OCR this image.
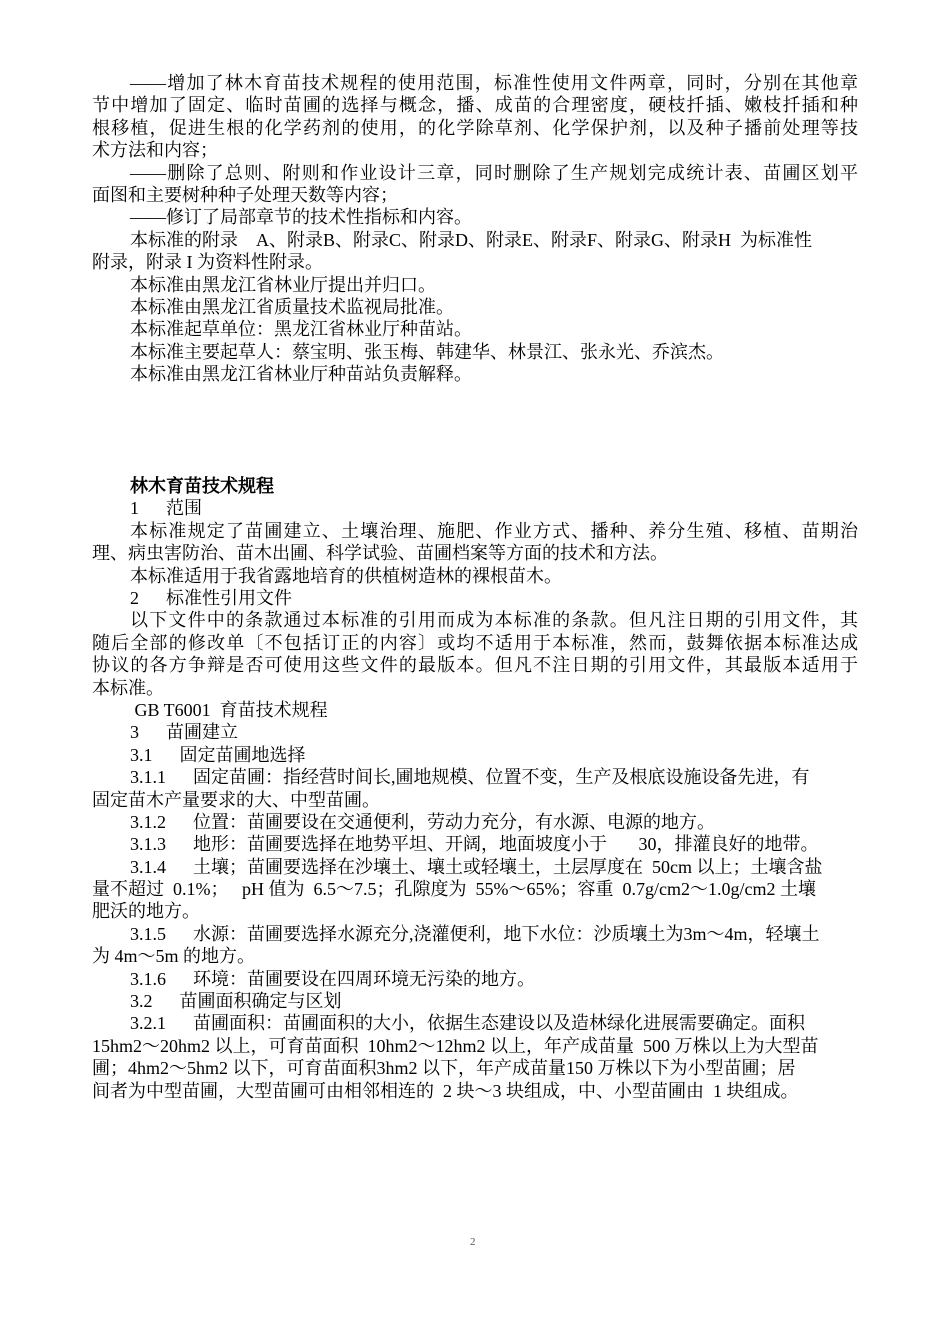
——增加了林木育苗技术规程的使用范围，标准性使用文件两章，同时，分别在其他章
节中增加了固定、临时苗圃的选择与概念，播、成苗的合理密度，硬枝扦插、嫩枝扦插和种
根移植，促进生根的化学药剂的使用，的化学除草剂、化学保护剂，以及种子播前处理等技
术方法和内容；
——删除了总则、附则和作业设计三章，同时删除了生产规划完成统计表、苗圃区划平
面图和主要树种种子处理天数等内容；
——修订了局部章节的技术性指标和内容。
本标准的附录    A、附录B、附录C、附录D、附录E、附录F、附录G、附录H  为标准性
附录，附录 I 为资料性附录。
本标准由黑龙江省林业厅提出并归口。
本标准由黑龙江省质量技术监视局批准。
本标准起草单位：黑龙江省林业厅种苗站。
本标准主要起草人：蔡宝明、张玉梅、韩建华、林景江、张永光、乔滨杰。
本标准由黑龙江省林业厅种苗站负责解释。
林木育苗技术规程
1      范围
本标准规定了苗圃建立、土壤治理、施肥、作业方式、播种、养分生殖、移植、苗期治
理、病虫害防治、苗木出圃、科学试验、苗圃档案等方面的技术和方法。
本标准适用于我省露地培育的供植树造林的裸根苗木。
2      标准性引用文件
以下文件中的条款通过本标准的引用而成为本标准的条款。但凡注日期的引用文件，其
随后全部的修改单〔不包括订正的内容〕或均不适用于本标准，然而，鼓舞依据本标准达成
协议的各方争辩是否可使用这些文件的最版本。但凡不注日期的引用文件，其最版本适用于
本标准。
GB T6001  育苗技术规程
3      苗圃建立
3.1      固定苗圃地选择
3.1.1      固定苗圃：指经营时间长,圃地规模、位置不变，生产及根底设施设备先进，有
固定苗木产量要求的大、中型苗圃。
3.1.2      位置：苗圃要设在交通便利，劳动力充分，有水源、电源的地方。
3.1.3      地形：苗圃要选择在地势平坦、开阔，地面坡度小于       30，排灌良好的地带。
3.1.4      土壤；苗圃要选择在沙壤土、壤土或轻壤土，土层厚度在  50cm 以上；土壤含盐
量不超过  0.1%；   pH 值为  6.5～7.5；孔隙度为  55%～65%；容重  0.7g/cm2～1.0g/cm2 土壤
肥沃的地方。
3.1.5      水源：苗圃要选择水源充分,浇灌便利，地下水位：沙质壤土为3m～4m，轻壤土
为 4m～5m 的地方。
3.1.6      环境：苗圃要设在四周环境无污染的地方。
3.2      苗圃面积确定与区划
3.2.1      苗圃面积：苗圃面积的大小，依据生态建设以及造林绿化进展需要确定。面积
15hm2～20hm2 以上，可育苗面积  10hm2～12hm2 以上，年产成苗量  500 万株以上为大型苗
圃；4hm2～5hm2 以下，可育苗面积3hm2 以下，年产成苗量150 万株以下为小型苗圃；居
间者为中型苗圃，大型苗圃可由相邻相连的  2 块～3 块组成，中、小型苗圃由  1 块组成。
2
